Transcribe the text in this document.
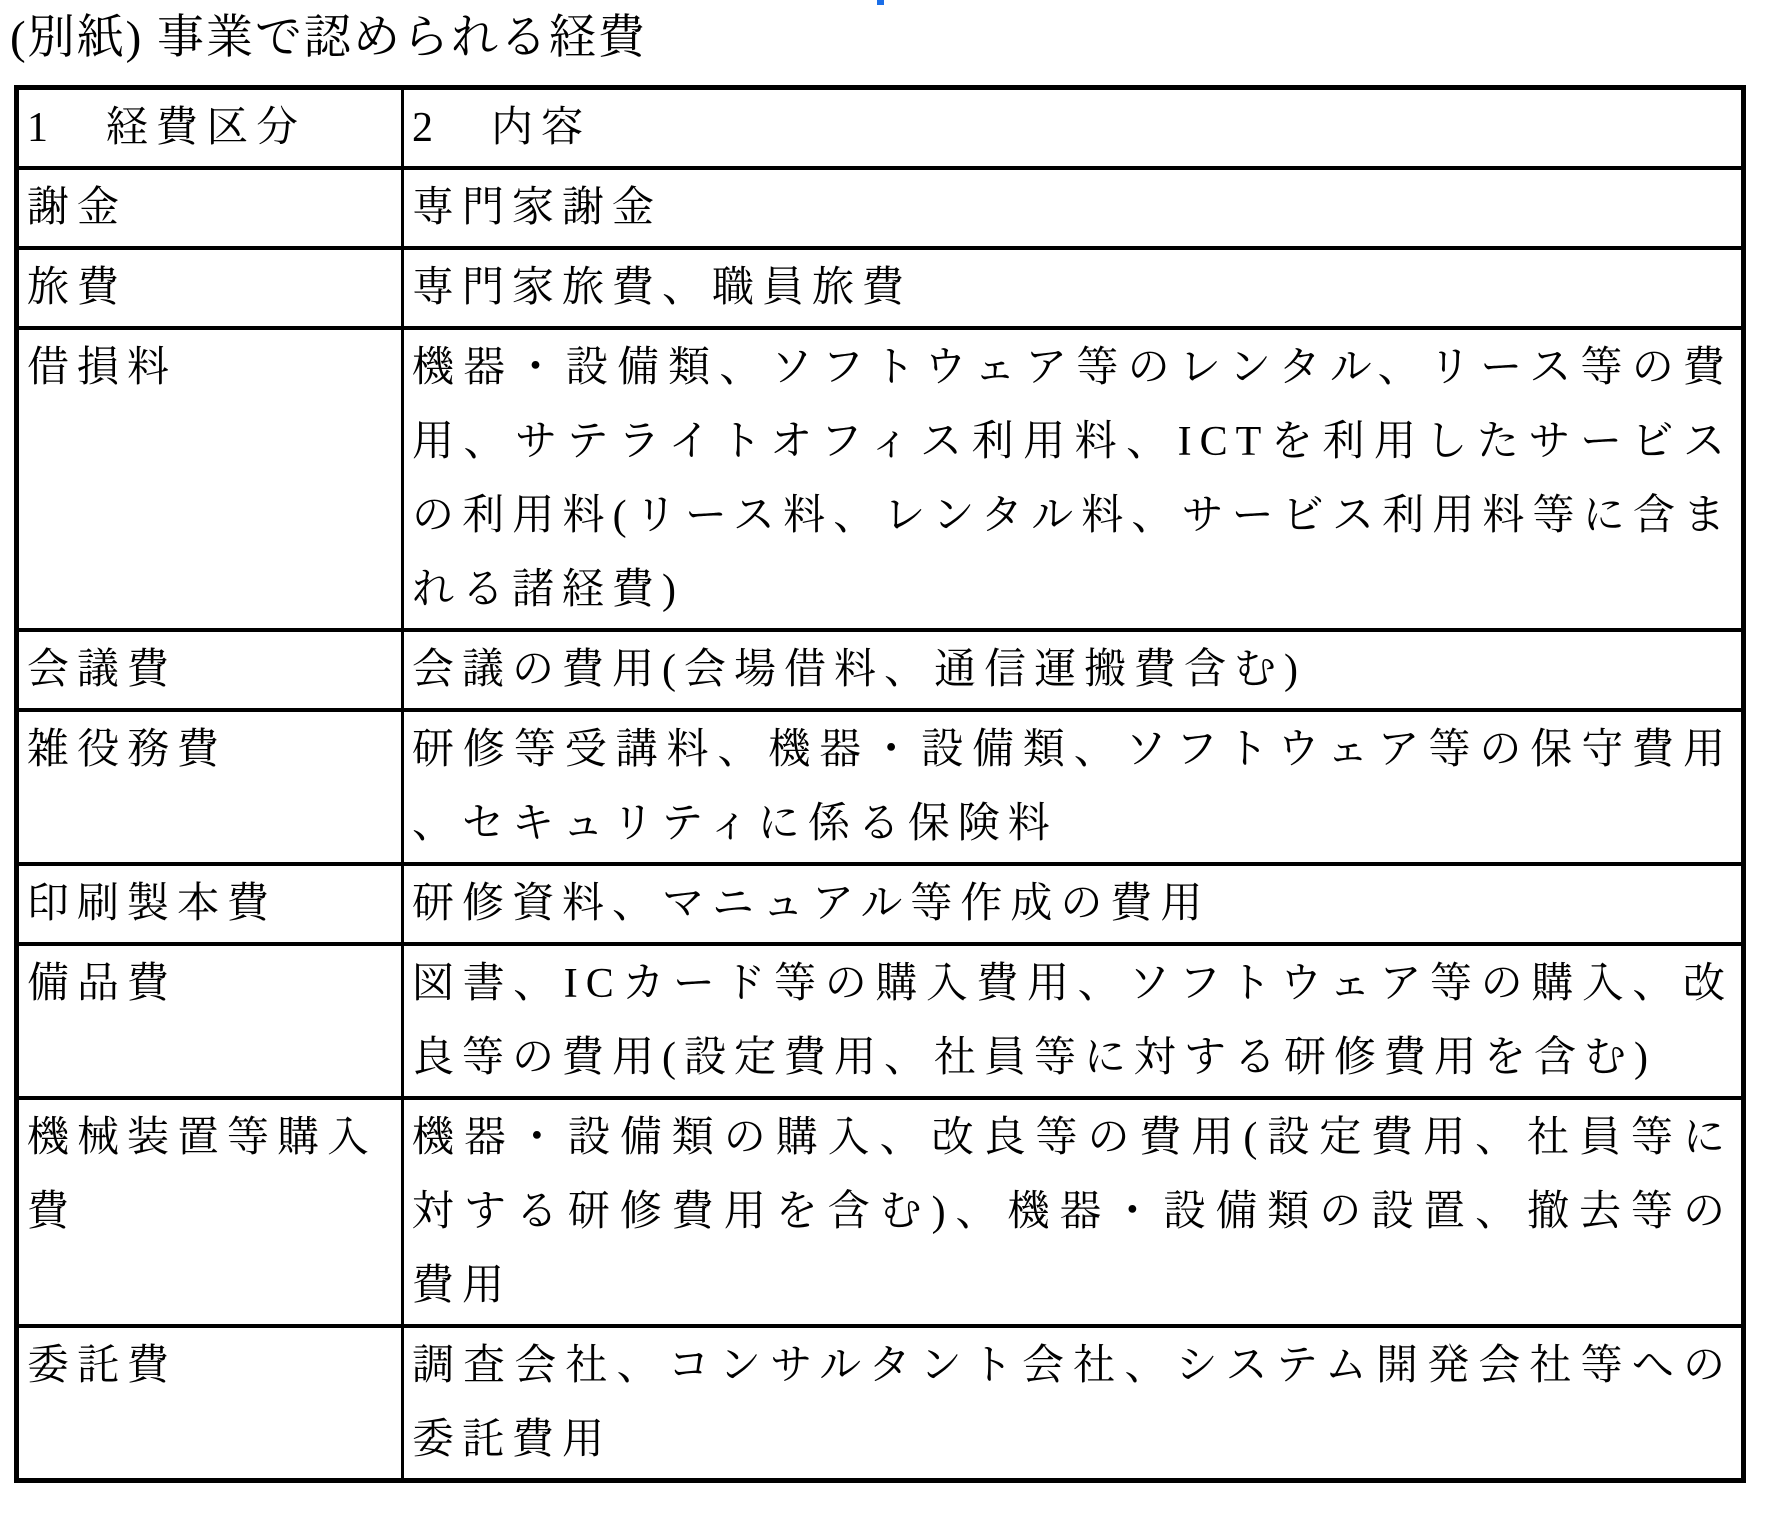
(別紙) 事業で認められる経費
1　経費区分	2　内容
謝金	専門家謝金
旅費	専門家旅費、職員旅費
借損料	機器・設備類、ソフトウェア等のレンタル、リース等の費用、サテライトオフィス利用料、ICTを利用したサービスの利用料(リース料、レンタル料、サービス利用料等に含まれる諸経費)
会議費	会議の費用(会場借料、通信運搬費含む)
雑役務費	研修等受講料、機器・設備類、ソフトウェア等の保守費用、セキュリティに係る保険料
印刷製本費	研修資料、マニュアル等作成の費用
備品費	図書、ICカード等の購入費用、ソフトウェア等の購入、改良等の費用(設定費用、社員等に対する研修費用を含む)
機械装置等購入費	機器・設備類の購入、改良等の費用(設定費用、社員等に対する研修費用を含む)、機器・設備類の設置、撤去等の費用
委託費	調査会社、コンサルタント会社、システム開発会社等への委託費用
